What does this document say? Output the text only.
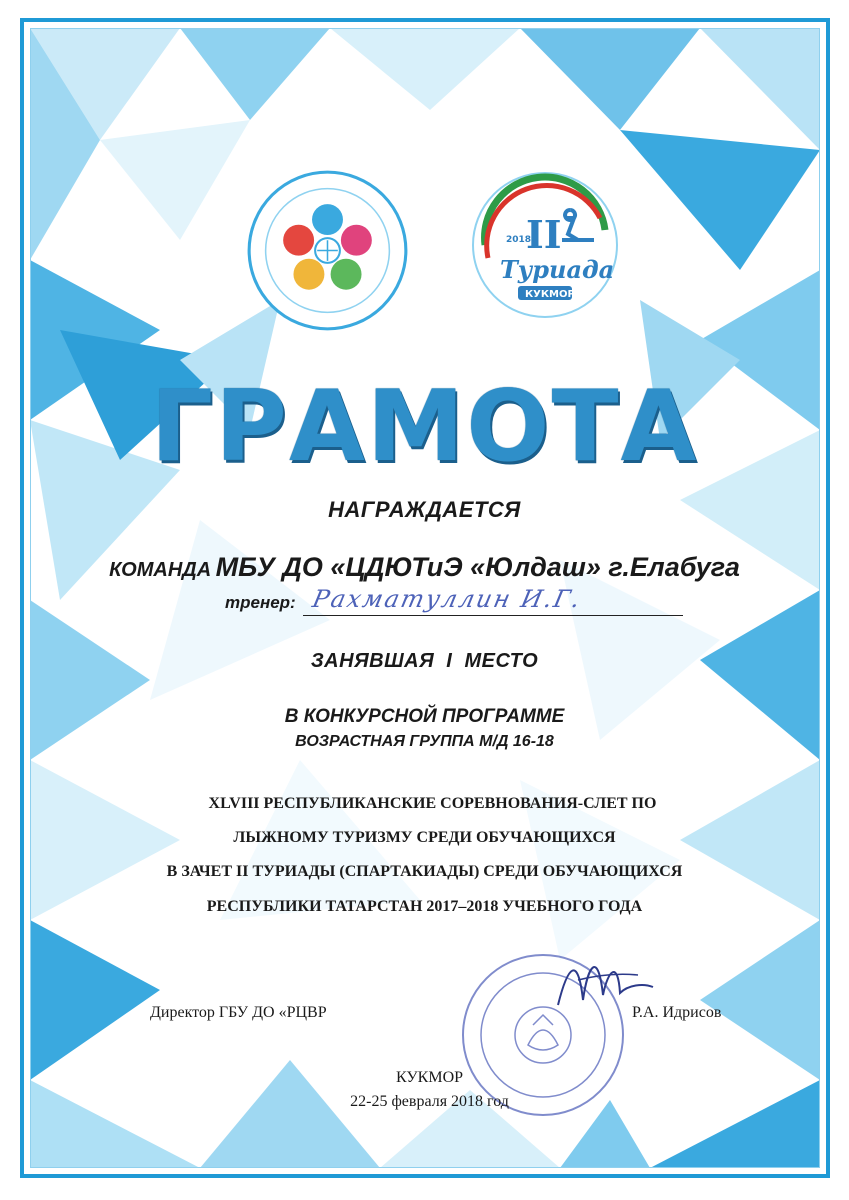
2018
II
Туриада
КУКМОР
ГРАМОТА
НАГРАЖДАЕТСЯ
КОМАНДА МБУ ДО «ЦДЮТиЭ «Юлдаш» г.Елабуга
тренер: Рахматуллин И.Г.
ЗАНЯВШАЯ  I  МЕСТО
В КОНКУРСНОЙ ПРОГРАММЕ
ВОЗРАСТНАЯ ГРУППА М/Д 16-18
XLVIII РЕСПУБЛИКАНСКИЕ СОРЕВНОВАНИЯ-СЛЕТ ПО
ЛЫЖНОМУ ТУРИЗМУ СРЕДИ ОБУЧАЮЩИХСЯ
В ЗАЧЕТ II ТУРИАДЫ (СПАРТАКИАДЫ) СРЕДИ ОБУЧАЮЩИХСЯ
РЕСПУБЛИКИ ТАТАРСТАН 2017–2018 УЧЕБНОГО ГОДА
Директор ГБУ ДО «РЦВР	Р.А. Идрисов
КУКМОР
22-25 февраля 2018 год
